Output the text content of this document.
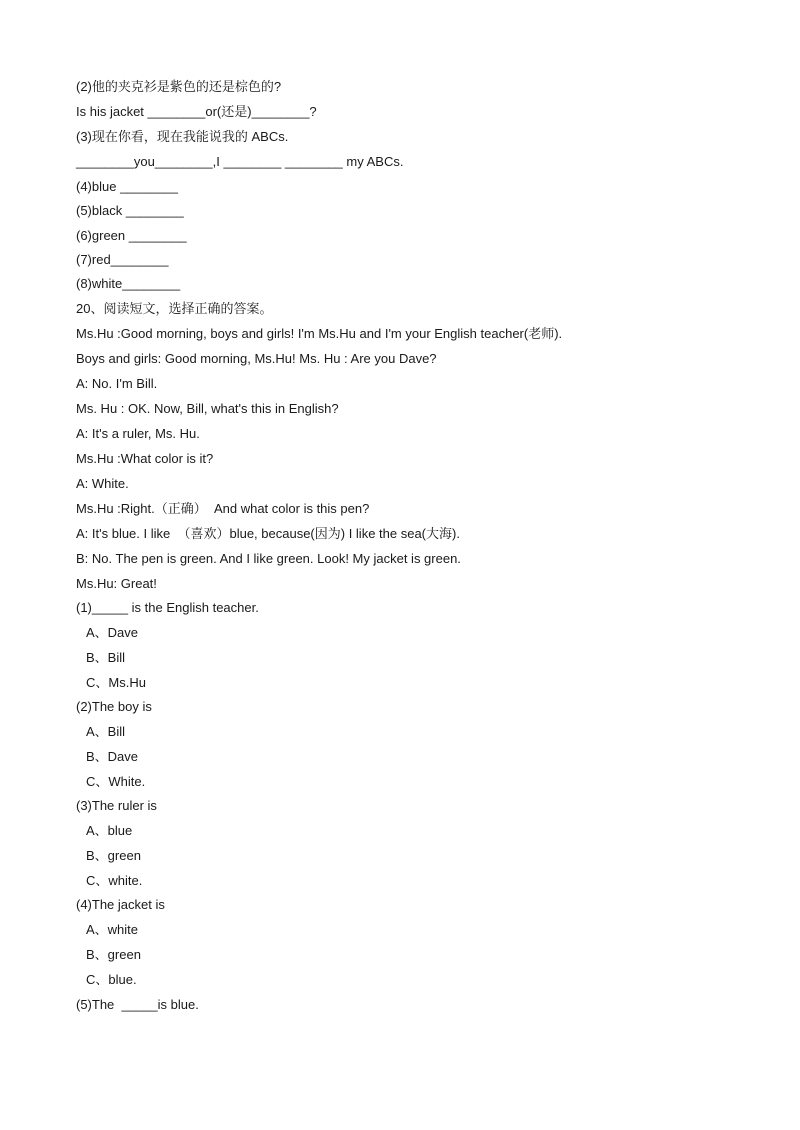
(2)他的夹克衫是紫色的还是棕色的?

Is his jacket ________or(还是)________?

(3)现在你看，现在我能说我的 ABCs.

________you________,I ________ ________ my ABCs.

(4)blue ________

(5)black ________

(6)green ________

(7)red________

(8)white________

20、阅读短文，选择正确的答案。

Ms.Hu :Good morning, boys and girls! I'm Ms.Hu and I'm your English teacher(老师).

Boys and girls: Good morning, Ms.Hu! Ms. Hu : Are you Dave?

A: No. I'm Bill.

Ms. Hu : OK. Now, Bill, what's this in English?

A: It's a ruler, Ms. Hu.

Ms.Hu :What color is it?

A: White.

Ms.Hu :Right.（正确）  And what color is this pen?

A: It's blue. I like  （喜欢）blue, because(因为) I like the sea(大海).

B: No. The pen is green. And I like green. Look! My jacket is green.

Ms.Hu: Great!

(1)_____ is the English teacher.

A、Dave

B、Bill

C、Ms.Hu

(2)The boy is

A、Bill

B、Dave

C、White.

(3)The ruler is

A、blue

B、green

C、white.

(4)The jacket is

A、white

B、green

C、blue.

(5)The  _____is blue.
